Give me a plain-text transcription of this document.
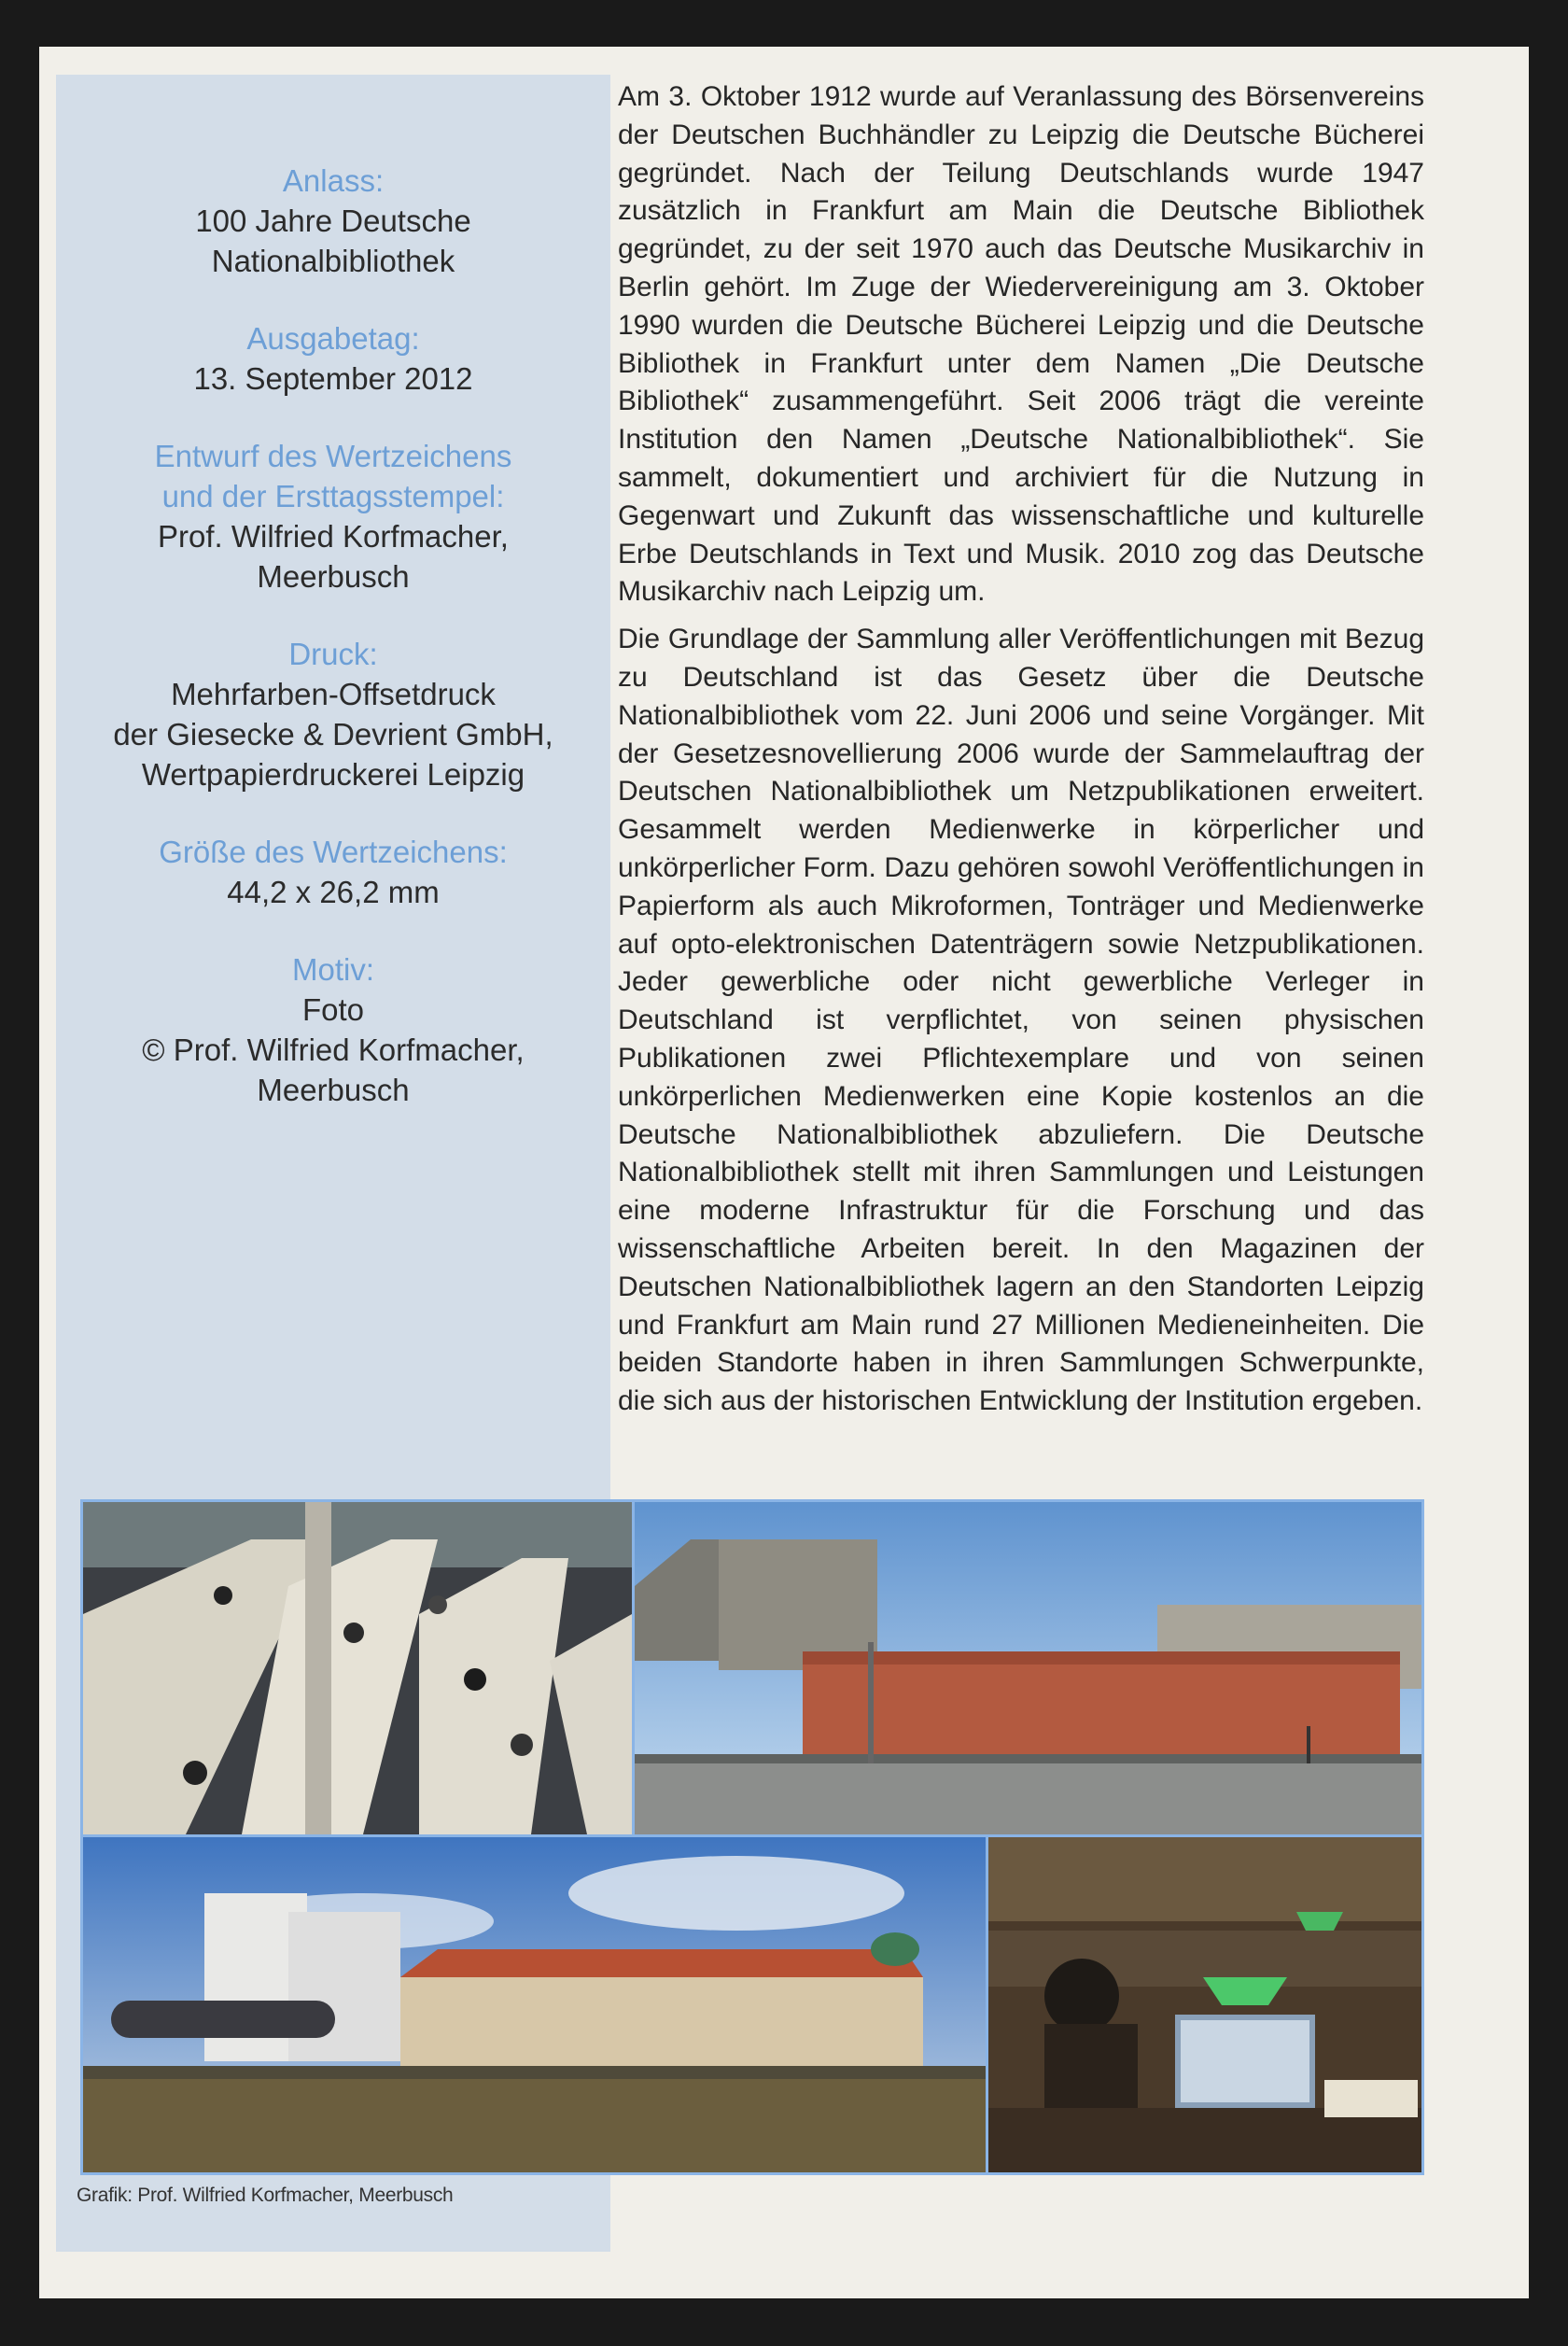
Anlass:
100 Jahre Deutsche
Nationalbibliothek
Ausgabetag:
13. September 2012
Entwurf des Wertzeichens
und der Ersttagsstempel:
Prof. Wilfried Korfmacher,
Meerbusch
Druck:
Mehrfarben-Offsetdruck
der Giesecke & Devrient GmbH,
Wertpapierdruckerei Leipzig
Größe des Wertzeichens:
44,2 x 26,2 mm
Motiv:
Foto
© Prof. Wilfried Korfmacher,
Meerbusch

Am 3. Oktober 1912 wurde auf Veranlassung des Börsenvereins der Deutschen Buchhändler zu Leipzig die Deutsche Bücherei gegründet. Nach der Teilung Deutschlands wurde 1947 zusätzlich in Frankfurt am Main die Deutsche Bibliothek gegründet, zu der seit 1970 auch das Deutsche Musikarchiv in Berlin gehört. Im Zuge der Wiedervereinigung am 3. Oktober 1990 wurden die Deutsche Bücherei Leipzig und die Deutsche Bibliothek in Frankfurt unter dem Namen „Die Deutsche Bibliothek“ zusammengeführt. Seit 2006 trägt die vereinte Institution den Namen „Deutsche Nationalbibliothek“. Sie sammelt, dokumentiert und archiviert für die Nutzung in Gegenwart und Zukunft das wissenschaftliche und kulturelle Erbe Deutschlands in Text und Musik. 2010 zog das Deutsche Musikarchiv nach Leipzig um.

Die Grundlage der Sammlung aller Veröffentlichungen mit Bezug zu Deutschland ist das Gesetz über die Deutsche Nationalbibliothek vom 22. Juni 2006 und seine Vorgänger. Mit der Gesetzesnovellierung 2006 wurde der Sammelauftrag der Deutschen Nationalbibliothek um Netzpublikationen erweitert. Gesammelt werden Medienwerke in körperlicher und unkörperlicher Form. Dazu gehören sowohl Veröffentlichungen in Papierform als auch Mikroformen, Tonträger und Medienwerke auf opto-elektronischen Datenträgern sowie Netzpublikationen. Jeder gewerbliche oder nicht gewerbliche Verleger in Deutschland ist verpflichtet, von seinen physischen Publikationen zwei Pflichtexemplare und von seinen unkörperlichen Medienwerken eine Kopie kostenlos an die Deutsche Nationalbibliothek abzuliefern. Die Deutsche Nationalbibliothek stellt mit ihren Sammlungen und Leistungen eine moderne Infrastruktur für die Forschung und das wissenschaftliche Arbeiten bereit. In den Magazinen der Deutschen Nationalbibliothek lagern an den Standorten Leipzig und Frankfurt am Main rund 27 Millionen Medieneinheiten. Die beiden Standorte haben in ihren Sammlungen Schwerpunkte, die sich aus der historischen Entwicklung der Institution ergeben.

Grafik: Prof. Wilfried Korfmacher, Meerbusch
